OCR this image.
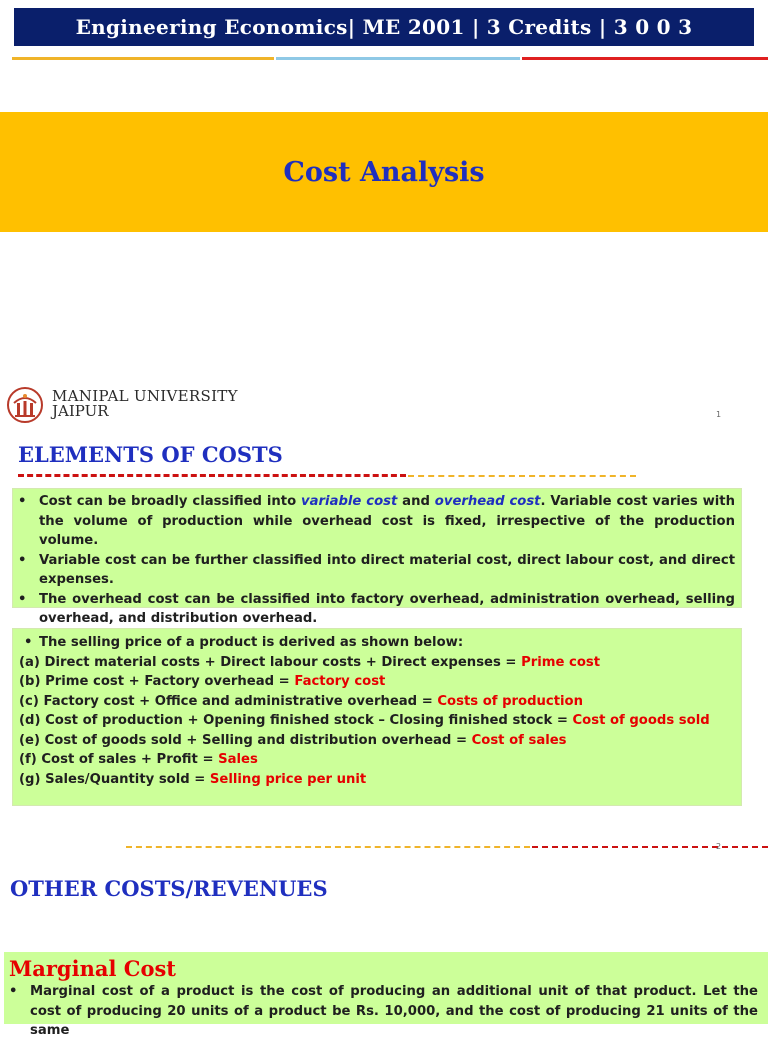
Engineering Economics| ME 2001 | 3 Credits | 3 0 0 3
Cost Analysis
MANIPAL UNIVERSITY
JAIPUR	1
ELEMENTS OF COSTS
• Cost can be broadly classified into variable cost and overhead cost. Variable cost varies with the volume of production while overhead cost is fixed, irrespective of the production volume.
• Variable cost can be further classified into direct material cost, direct labour cost, and direct expenses.
• The overhead cost can be classified into factory overhead, administration overhead, selling overhead, and distribution overhead.
• The selling price of a product is derived as shown below:
(a) Direct material costs + Direct labour costs + Direct expenses = Prime cost
(b) Prime cost + Factory overhead = Factory cost
(c) Factory cost + Office and administrative overhead = Costs of production
(d) Cost of production + Opening finished stock – Closing finished stock = Cost of goods sold
(e) Cost of goods sold + Selling and distribution overhead = Cost of sales
(f) Cost of sales + Profit = Sales
(g) Sales/Quantity sold = Selling price per unit
2
OTHER COSTS/REVENUES
Marginal Cost
• Marginal cost of a product is the cost of producing an additional unit of that product. Let the cost of producing 20 units of a product be Rs. 10,000, and the cost of producing 21 units of the same
